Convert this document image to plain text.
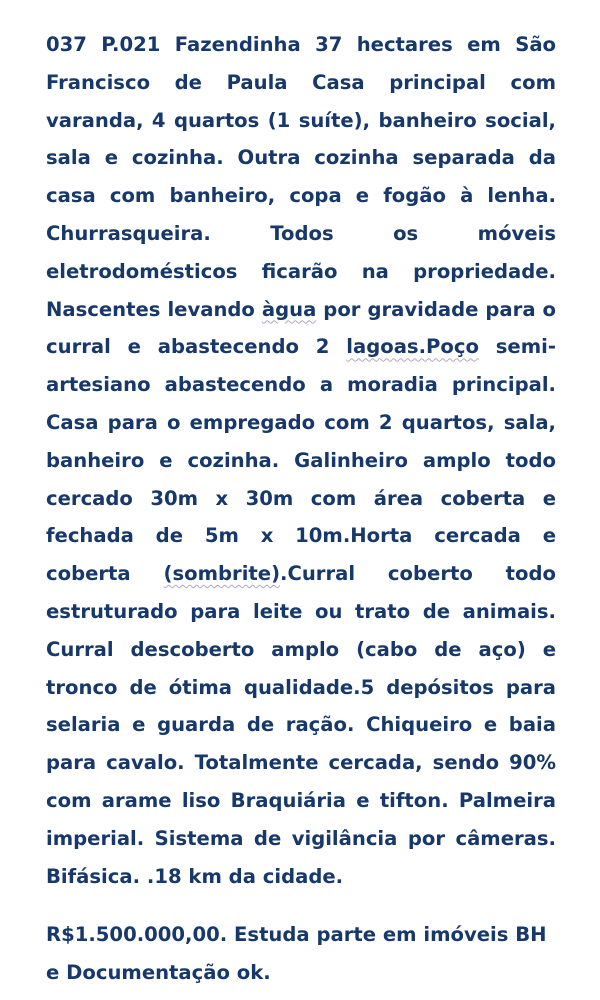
037 P.021 Fazendinha 37 hectares em São Francisco de Paula Casa principal com varanda, 4 quartos (1 suíte), banheiro social, sala e cozinha. Outra cozinha separada da casa com banheiro, copa e fogão à lenha. Churrasqueira. Todos os móveis eletrodomésticos ficarão na propriedade. Nascentes levando àgua por gravidade para o curral e abastecendo 2 lagoas.Poço semi-artesiano abastecendo a moradia principal. Casa para o empregado com 2 quartos, sala, banheiro e cozinha. Galinheiro amplo todo cercado 30m x 30m com área coberta e fechada de 5m x 10m.Horta cercada e coberta (sombrite).Curral coberto todo estruturado para leite ou trato de animais. Curral descoberto amplo (cabo de aço) e tronco de ótima qualidade.5 depósitos para selaria e guarda de ração. Chiqueiro e baia para cavalo. Totalmente cercada, sendo 90% com arame liso Braquiária e tifton. Palmeira imperial. Sistema de vigilância por câmeras. Bifásica. .18 km da cidade.

R$1.500.000,00. Estuda parte em imóveis BH e Documentação ok.
